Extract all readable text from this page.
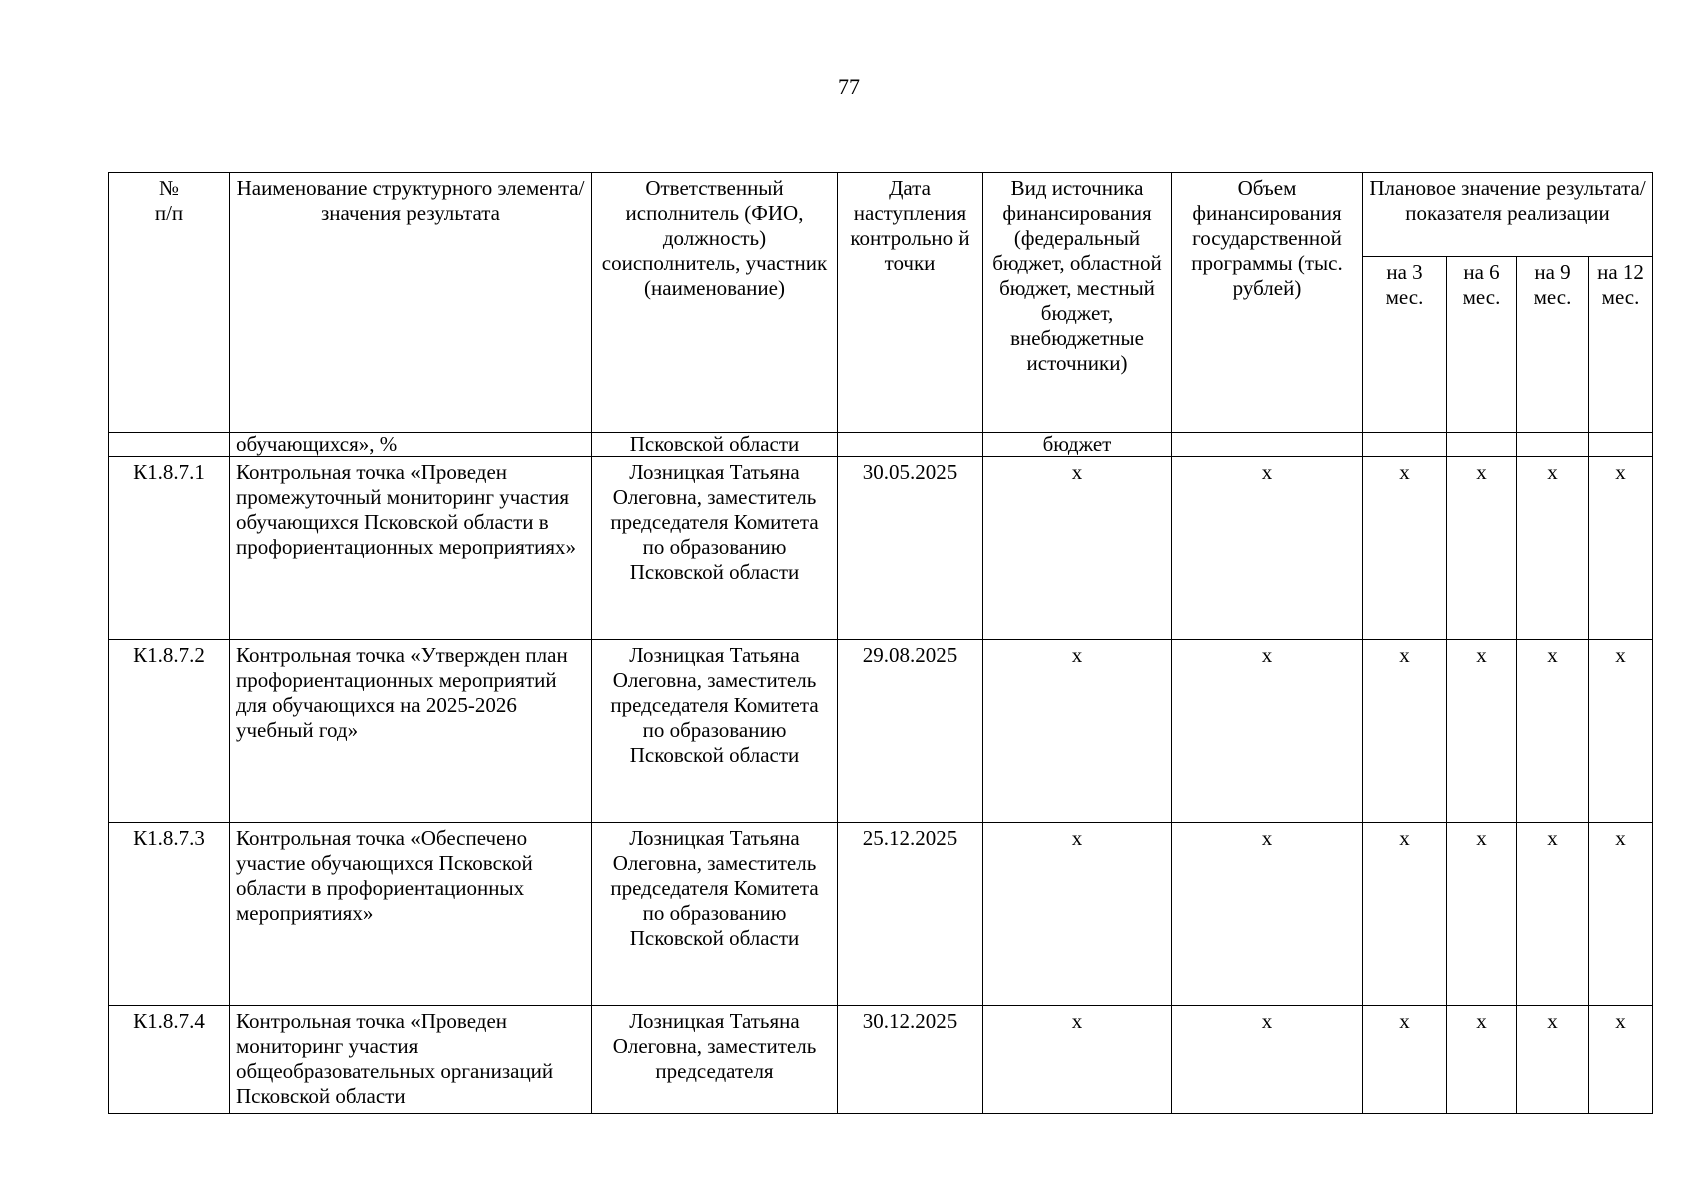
77
№
п/п	Наименование структурного элемента/ значения результата	Ответственный исполнитель (ФИО, должность) соисполнитель, участник (наименование)	Дата наступления контрольно й точки	Вид источника финансирования (федеральный бюджет, областной бюджет, местный бюджет, внебюджетные источники)	Объем финансирования государственной программы (тыс. рублей)	Плановое значение результата/показателя реализации			
						на 3 мес.	на 6 мес.	на 9 мес.	на 12 мес.
	обучающихся», %	Псковской области		бюджет					
К1.8.7.1	Контрольная точка «Проведен промежуточный мониторинг участия обучающихся Псковской области в профориентационных мероприятиях»	Лозницкая Татьяна Олеговна, заместитель председателя Комитета по образованию Псковской области	30.05.2025	x	x	x	x	x	x
К1.8.7.2	Контрольная точка «Утвержден план профориентационных мероприятий для обучающихся на 2025-2026 учебный год»	Лозницкая Татьяна Олеговна, заместитель председателя Комитета по образованию Псковской области	29.08.2025	x	x	x	x	x	x
К1.8.7.3	Контрольная точка «Обеспечено участие обучающихся Псковской области в профориентационных мероприятиях»	Лозницкая Татьяна Олеговна, заместитель председателя Комитета по образованию Псковской области	25.12.2025	x	x	x	x	x	x
К1.8.7.4	Контрольная точка «Проведен мониторинг участия общеобразовательных организаций Псковской области	Лозницкая Татьяна Олеговна, заместитель председателя	30.12.2025	x	x	x	x	x	x
